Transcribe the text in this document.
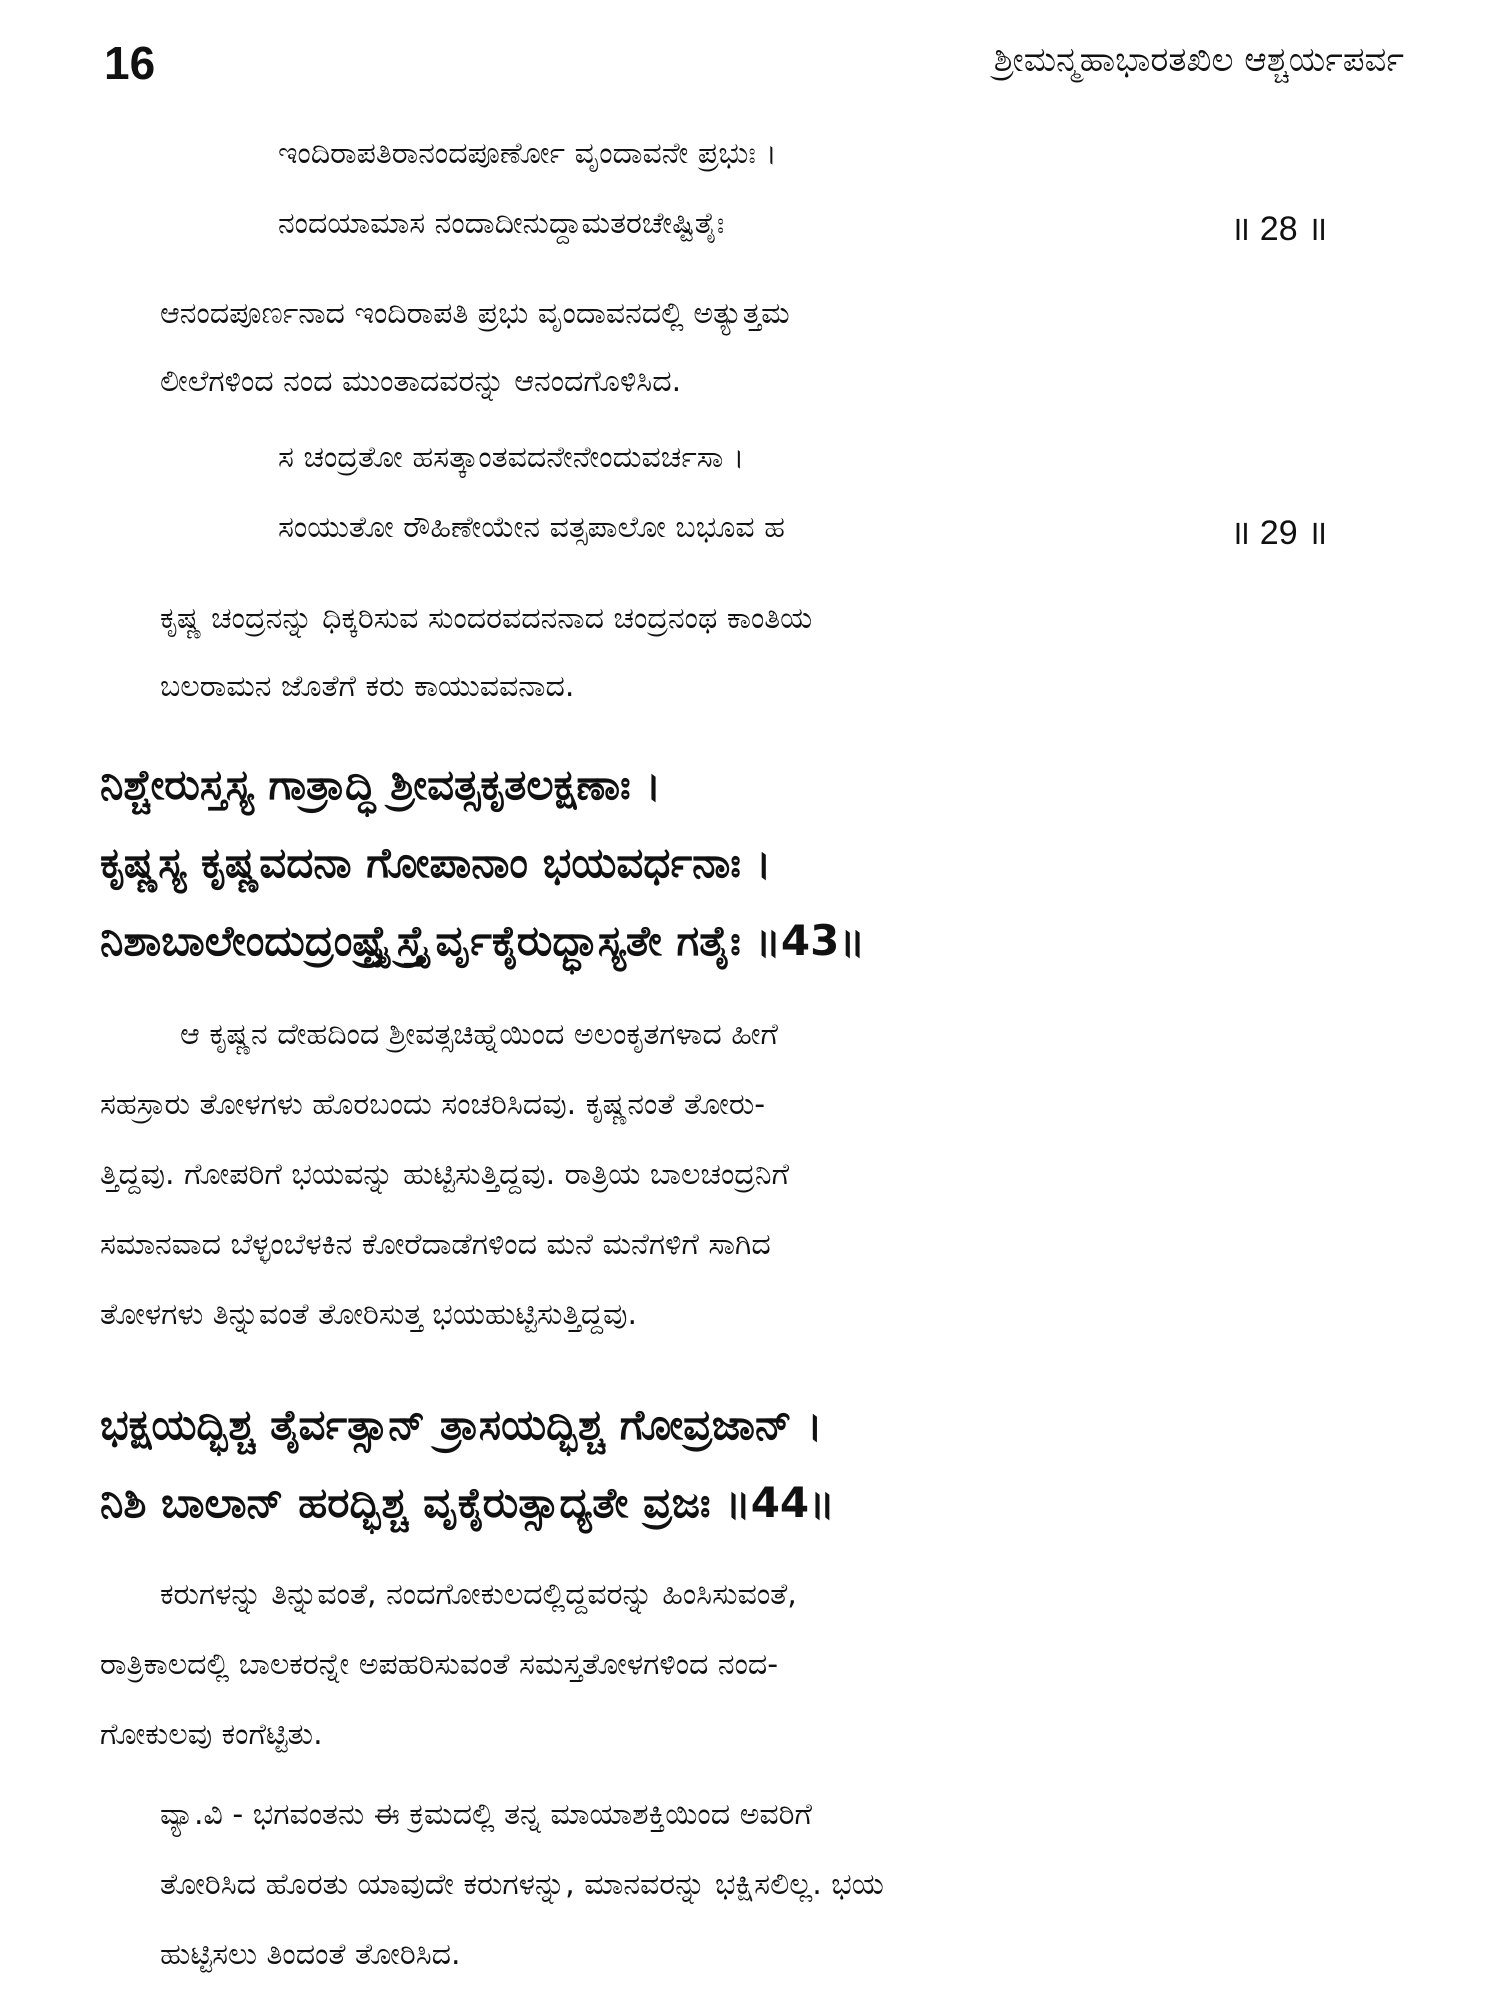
16	ಶ್ರೀಮನ್ಮಹಾಭಾರತಖಿಲ ಆಶ್ಚರ್ಯಪರ್ವ
ಇಂದಿರಾಪತಿರಾನಂದಪೂರ್ಣೋ ವೃಂದಾವನೇ ಪ್ರಭುಃ ।
ನಂದಯಾಮಾಸ ನಂದಾದೀನುದ್ದಾಮತರಚೇಷ್ಟಿತೈಃ	॥ 28 ॥
ಆನಂದಪೂರ್ಣನಾದ ಇಂದಿರಾಪತಿ ಪ್ರಭು ವೃಂದಾವನದಲ್ಲಿ ಅತ್ಯುತ್ತಮ
ಲೀಲೆಗಳಿಂದ ನಂದ ಮುಂತಾದವರನ್ನು ಆನಂದಗೊಳಿಸಿದ.
ಸ ಚಂದ್ರತೋ ಹಸತ್ಕಾಂತವದನೇನೇಂದುವರ್ಚಸಾ ।
ಸಂಯುತೋ ರೌಹಿಣೇಯೇನ ವತ್ಸಪಾಲೋ ಬಭೂವ ಹ	॥ 29 ॥
ಕೃಷ್ಣ ಚಂದ್ರನನ್ನು ಧಿಕ್ಕರಿಸುವ ಸುಂದರವದನನಾದ ಚಂದ್ರನಂಥ ಕಾಂತಿಯ
ಬಲರಾಮನ ಜೊತೆಗೆ ಕರು ಕಾಯುವವನಾದ.
ನಿಶ್ಚೇರುಸ್ತಸ್ಯ ಗಾತ್ರಾದ್ಧಿ ಶ್ರೀವತ್ಸಕೃತಲಕ್ಷಣಾಃ ।
ಕೃಷ್ಣಸ್ಯ ಕೃಷ್ಣವದನಾ ಗೋಪಾನಾಂ ಭಯವರ್ಧನಾಃ ।
ನಿಶಾಬಾಲೇಂದುದ್ರಂಷ್ಟ್ರೈಸ್ತ್ರೈರ್ವೃಕೈರುಧ್ಧಾಸ್ಯತೇ ಗತೈಃ ॥43॥
ಆ ಕೃಷ್ಣನ ದೇಹದಿಂದ ಶ್ರೀವತ್ಸಚಿಹ್ನೆಯಿಂದ ಅಲಂಕೃತಗಳಾದ ಹೀಗೆ
ಸಹಸ್ರಾರು ತೋಳಗಳು ಹೊರಬಂದು ಸಂಚರಿಸಿದವು. ಕೃಷ್ಣನಂತೆ ತೋರು-
ತ್ತಿದ್ದವು. ಗೋಪರಿಗೆ ಭಯವನ್ನು ಹುಟ್ಟಿಸುತ್ತಿದ್ದವು. ರಾತ್ರಿಯ ಬಾಲಚಂದ್ರನಿಗೆ
ಸಮಾನವಾದ ಬೆಳ್ಳಂಬೆಳಕಿನ ಕೋರೆದಾಡೆಗಳಿಂದ ಮನೆ ಮನೆಗಳಿಗೆ ಸಾಗಿದ
ತೋಳಗಳು ತಿನ್ನುವಂತೆ ತೋರಿಸುತ್ತ ಭಯಹುಟ್ಟಿಸುತ್ತಿದ್ದವು.
ಭಕ್ಷಯದ್ಭಿಶ್ಚ ತೈರ್ವತ್ಸಾನ್ ತ್ರಾಸಯದ್ಭಿಶ್ಚ ಗೋವ್ರಜಾನ್ ।
ನಿಶಿ ಬಾಲಾನ್ ಹರದ್ಭಿಶ್ಚ ವೃಕೈರುತ್ಸಾದ್ಯತೇ ವ್ರಜಃ ॥44॥
ಕರುಗಳನ್ನು ತಿನ್ನುವಂತೆ, ನಂದಗೋಕುಲದಲ್ಲಿದ್ದವರನ್ನು ಹಿಂಸಿಸುವಂತೆ,
ರಾತ್ರಿಕಾಲದಲ್ಲಿ ಬಾಲಕರನ್ನೇ ಅಪಹರಿಸುವಂತೆ ಸಮಸ್ತತೋಳಗಳಿಂದ ನಂದ-
ಗೋಕುಲವು ಕಂಗೆಟ್ಟಿತು.
ವ್ಯಾ.ವಿ - ಭಗವಂತನು ಈ ಕ್ರಮದಲ್ಲಿ ತನ್ನ ಮಾಯಾಶಕ್ತಿಯಿಂದ ಅವರಿಗೆ
ತೋರಿಸಿದ ಹೊರತು ಯಾವುದೇ ಕರುಗಳನ್ನು, ಮಾನವರನ್ನು ಭಕ್ಷಿಸಲಿಲ್ಲ. ಭಯ
ಹುಟ್ಟಿಸಲು ತಿಂದಂತೆ ತೋರಿಸಿದ.
